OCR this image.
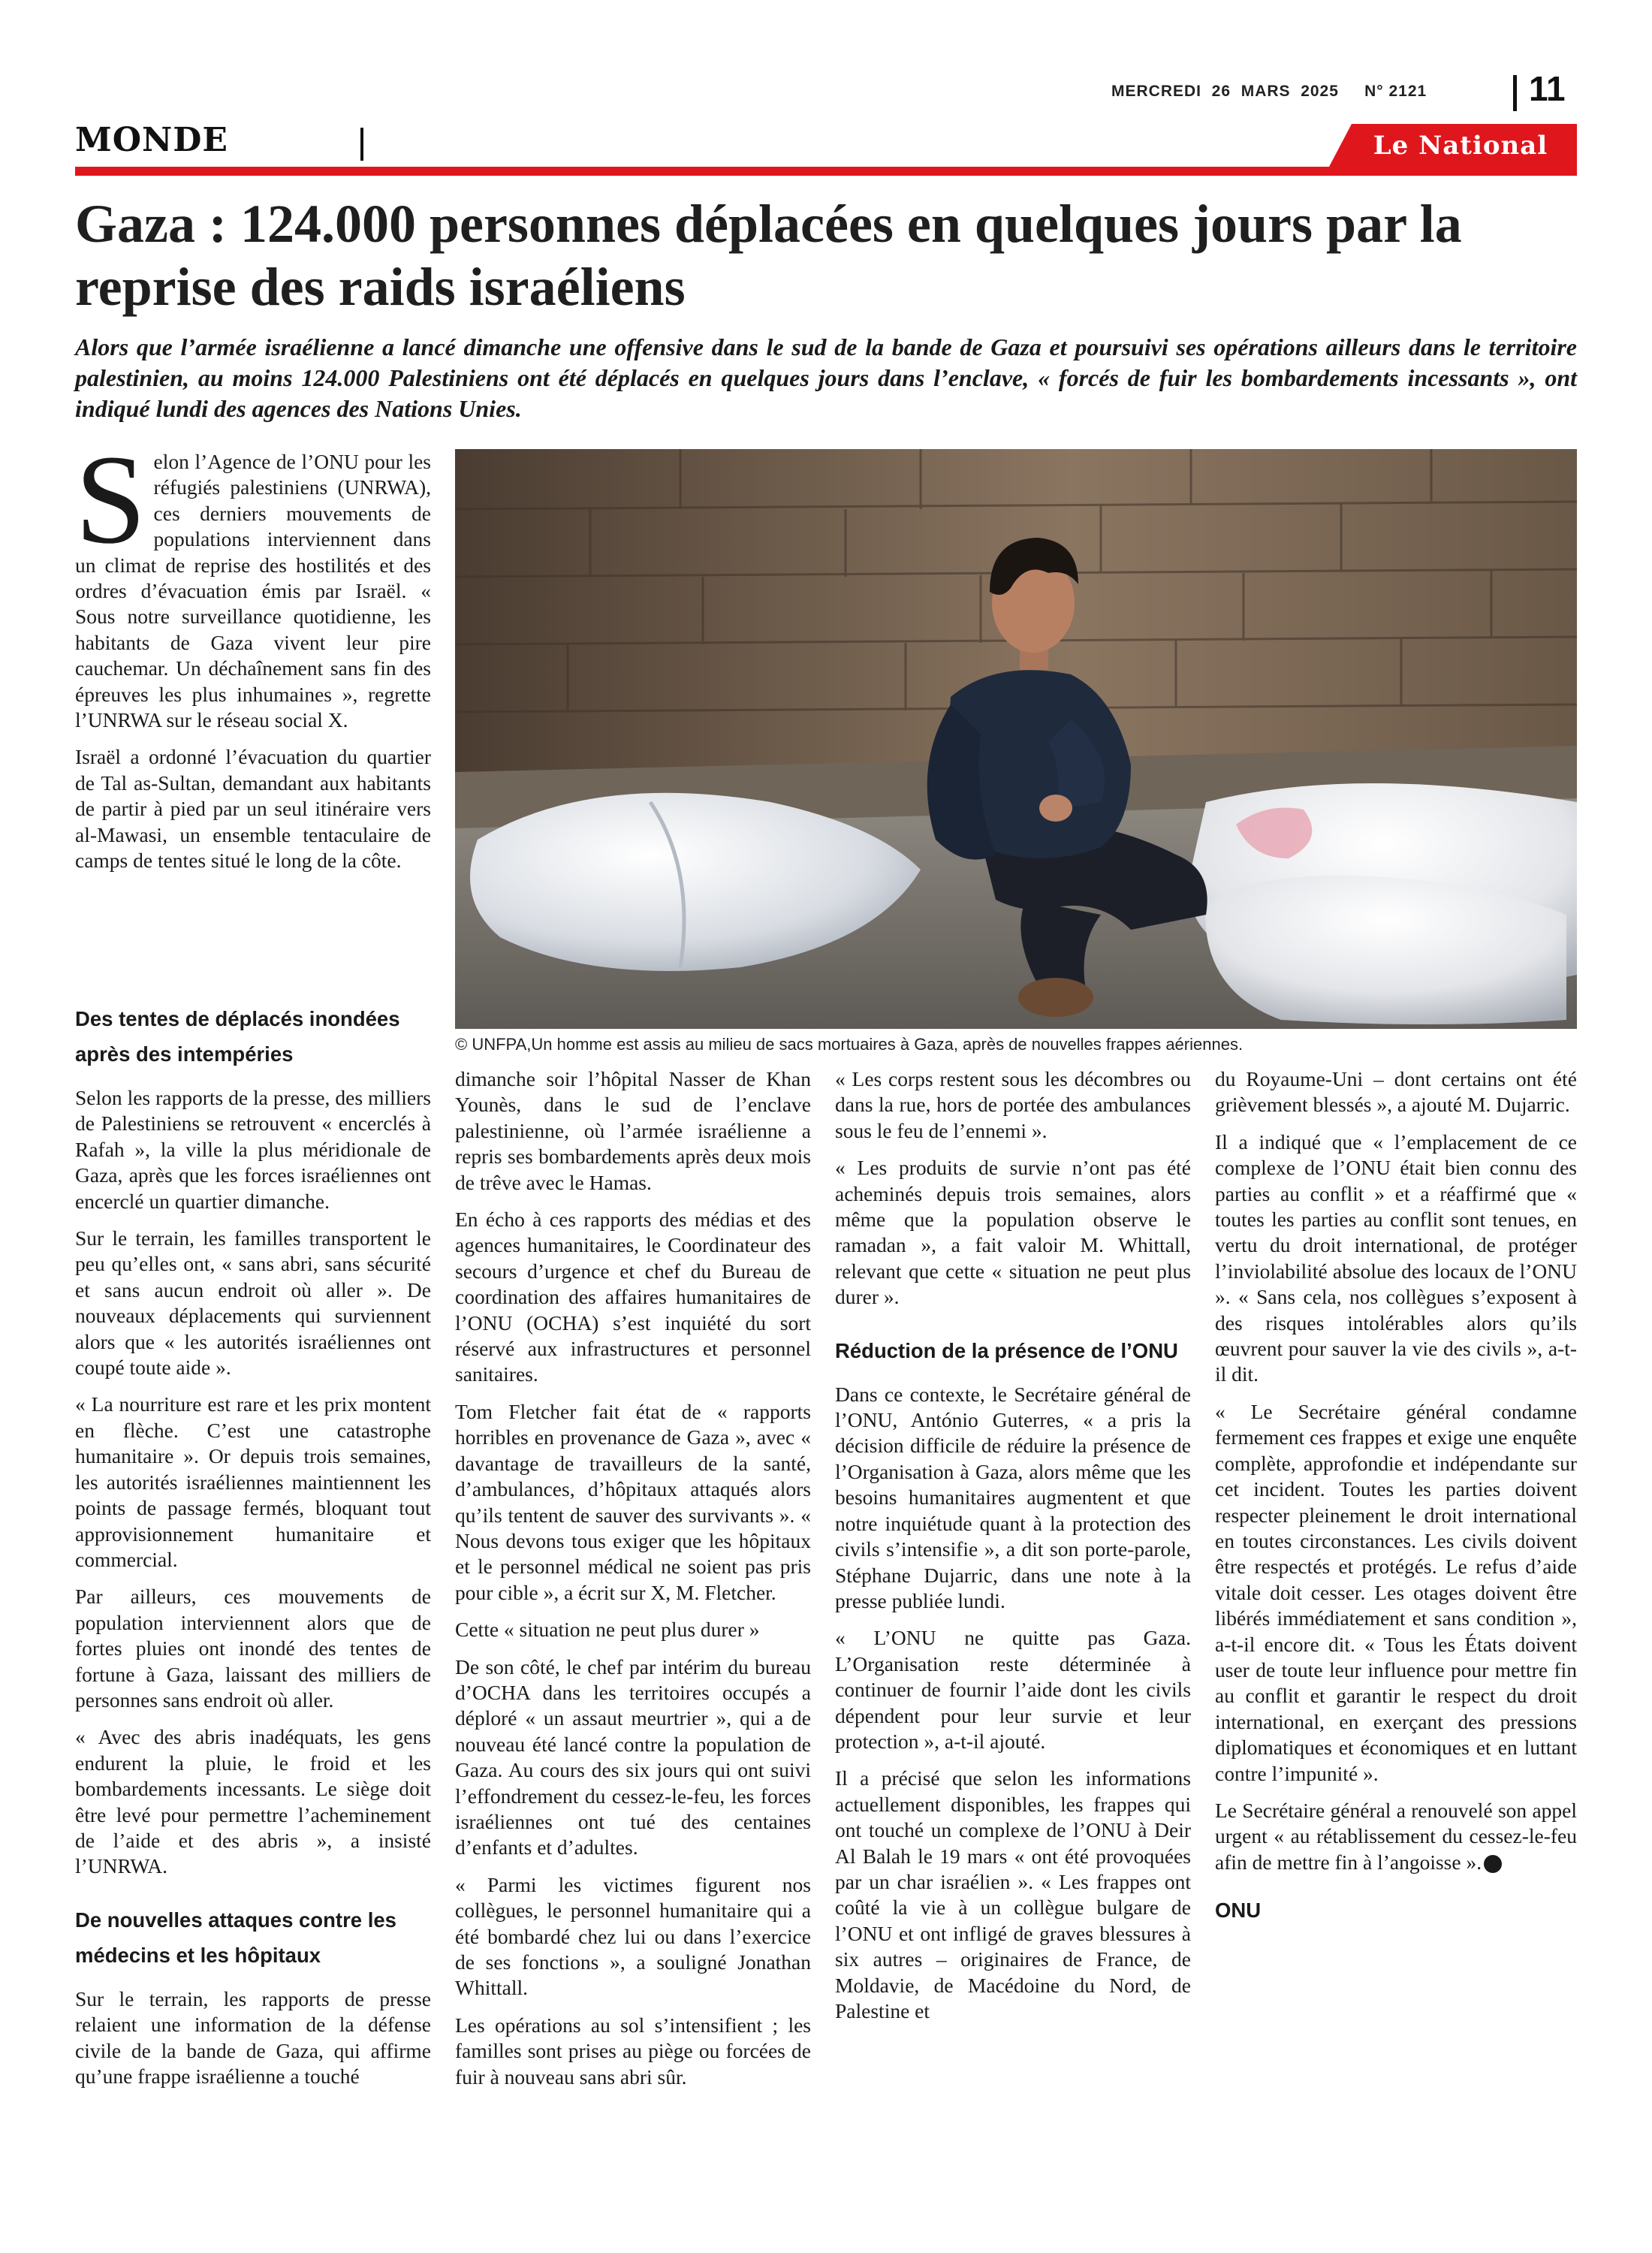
MERCREDI  26  MARS  2025     N° 2121	11
MONDE	Le National
Gaza : 124.000 personnes déplacées en quelques jours par la reprise des raids israéliens

Alors que l’armée israélienne a lancé dimanche une offensive dans le sud de la bande de Gaza et poursuivi ses opérations ailleurs dans le territoire palestinien, au moins 124.000 Palestiniens ont été déplacés en quelques jours dans l’enclave, « forcés de fuir les bombardements incessants », ont indiqué lundi des agences des Nations Unies.

Selon l’Agence de l’ONU pour les réfugiés palestiniens (UNRWA), ces derniers mouvements de populations interviennent dans un climat de reprise des hostilités et des ordres d’évacuation émis par Israël. « Sous notre surveillance quotidienne, les habitants de Gaza vivent leur pire cauchemar. Un déchaînement sans fin des épreuves les plus inhumaines », regrette l’UNRWA sur le réseau social X.

Israël a ordonné l’évacuation du quartier de Tal as-Sultan, demandant aux habitants de partir à pied par un seul itinéraire vers al-Mawasi, un ensemble tentaculaire de camps de tentes situé le long de la côte.

Des tentes de déplacés inondées après des intempéries

Selon les rapports de la presse, des milliers de Palestiniens se retrouvent « encerclés à Rafah », la ville la plus méridionale de Gaza, après que les forces israéliennes ont encerclé un quartier dimanche.

Sur le terrain, les familles transportent le peu qu’elles ont, « sans abri, sans sécurité et sans aucun endroit où aller ». De nouveaux déplacements qui surviennent alors que « les autorités israéliennes ont coupé toute aide ».

« La nourriture est rare et les prix montent en flèche. C’est une catastrophe humanitaire ». Or depuis trois semaines, les autorités israéliennes maintiennent les points de passage fermés, bloquant tout approvisionnement humanitaire et commercial.

Par ailleurs, ces mouvements de population interviennent alors que de fortes pluies ont inondé des tentes de fortune à Gaza, laissant des milliers de personnes sans endroit où aller.

« Avec des abris inadéquats, les gens endurent la pluie, le froid et les bombardements incessants. Le siège doit être levé pour permettre l’acheminement de l’aide et des abris », a insisté l’UNRWA.

De nouvelles attaques contre les médecins et les hôpitaux

Sur le terrain, les rapports de presse relaient une information de la défense civile de la bande de Gaza, qui affirme qu’une frappe israélienne a touché

© UNFPA,Un homme est assis au milieu de sacs mortuaires à Gaza, après de nouvelles frappes aériennes.

dimanche soir l’hôpital Nasser de Khan Younès, dans le sud de l’enclave palestinienne, où l’armée israélienne a repris ses bombardements après deux mois de trêve avec le Hamas.

En écho à ces rapports des médias et des agences humanitaires, le Coordinateur des secours d’urgence et chef du Bureau de coordination des affaires humanitaires de l’ONU (OCHA) s’est inquiété du sort réservé aux infrastructures et personnel sanitaires.

Tom Fletcher fait état de « rapports horribles en provenance de Gaza », avec « davantage de travailleurs de la santé, d’ambulances, d’hôpitaux attaqués alors qu’ils tentent de sauver des survivants ». « Nous devons tous exiger que les hôpitaux et le personnel médical ne soient pas pris pour cible », a écrit sur X, M. Fletcher.

Cette « situation ne peut plus durer »

De son côté, le chef par intérim du bureau d’OCHA dans les territoires occupés a déploré « un assaut meurtrier », qui a de nouveau été lancé contre la population de Gaza. Au cours des six jours qui ont suivi l’effondrement du cessez-le-feu, les forces israéliennes ont tué des centaines d’enfants et d’adultes.

« Parmi les victimes figurent nos collègues, le personnel humanitaire qui a été bombardé chez lui ou dans l’exercice de ses fonctions », a souligné Jonathan Whittall.

Les opérations au sol s’intensifient ; les familles sont prises au piège ou forcées de fuir à nouveau sans abri sûr.

« Les corps restent sous les décombres ou dans la rue, hors de portée des ambulances sous le feu de l’ennemi ».

« Les produits de survie n’ont pas été acheminés depuis trois semaines, alors même que la population observe le ramadan », a fait valoir M. Whittall, relevant que cette « situation ne peut plus durer ».

Réduction de la présence de l’ONU

Dans ce contexte, le Secrétaire général de l’ONU, António Guterres, « a pris la décision difficile de réduire la présence de l’Organisation à Gaza, alors même que les besoins humanitaires augmentent et que notre inquiétude quant à la protection des civils s’intensifie », a dit son porte-parole, Stéphane Dujarric, dans une note à la presse publiée lundi.

« L’ONU ne quitte pas Gaza. L’Organisation reste déterminée à continuer de fournir l’aide dont les civils dépendent pour leur survie et leur protection », a-t-il ajouté.

Il a précisé que selon les informations actuellement disponibles, les frappes qui ont touché un complexe de l’ONU à Deir Al Balah le 19 mars « ont été provoquées par un char israélien ». « Les frappes ont coûté la vie à un collègue bulgare de l’ONU et ont infligé de graves blessures à six autres – originaires de France, de Moldavie, de Macédoine du Nord, de Palestine et

du Royaume-Uni – dont certains ont été grièvement blessés », a ajouté M. Dujarric.

Il a indiqué que « l’emplacement de ce complexe de l’ONU était bien connu des parties au conflit » et a réaffirmé que « toutes les parties au conflit sont tenues, en vertu du droit international, de protéger l’inviolabilité absolue des locaux de l’ONU ». « Sans cela, nos collègues s’exposent à des risques intolérables alors qu’ils œuvrent pour sauver la vie des civils », a-t-il dit.

« Le Secrétaire général condamne fermement ces frappes et exige une enquête complète, approfondie et indépendante sur cet incident. Toutes les parties doivent respecter pleinement le droit international en toutes circonstances. Les civils doivent être respectés et protégés. Le refus d’aide vitale doit cesser. Les otages doivent être libérés immédiatement et sans condition », a-t-il encore dit. « Tous les États doivent user de toute leur influence pour mettre fin au conflit et garantir le respect du droit international, en exerçant des pressions diplomatiques et économiques et en luttant contre l’impunité ».

Le Secrétaire général a renouvelé son appel urgent « au rétablissement du cessez-le-feu afin de mettre fin à l’angoisse ».

ONU
